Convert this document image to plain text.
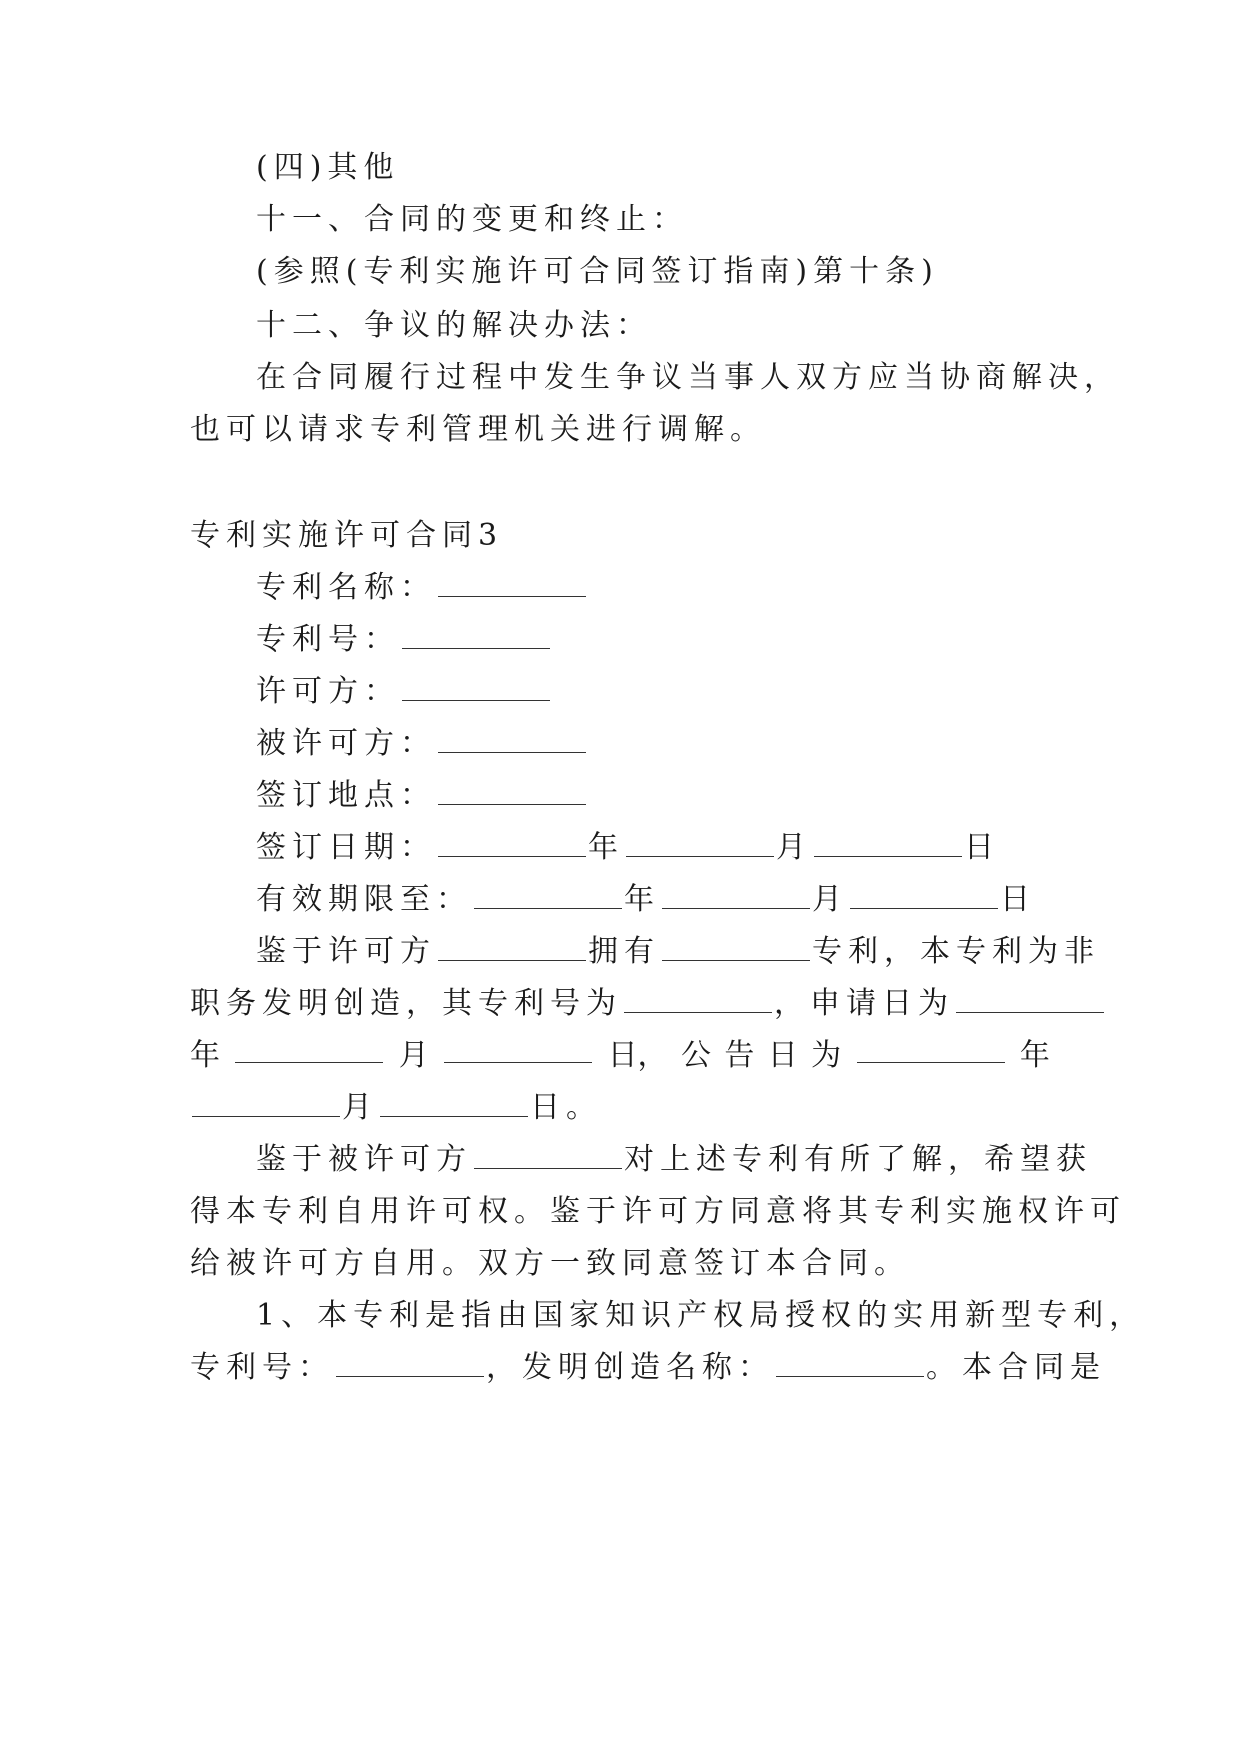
(四)其他
十一、合同的变更和终止：
(参照(专利实施许可合同签订指南)第十条)
十二、争议的解决办法：
在合同履行过程中发生争议当事人双方应当协商解决，
也可以请求专利管理机关进行调解。
专利实施许可合同3
专利名称：
专利号：
许可方：
被许可方：
签订地点：
签订日期：	年	月	日
有效期限至：	年	月	日
鉴于许可方	拥有	专利，本专利为非
职务发明创造，其专利号为	，申请日为
年	月	日， 公 告 日 为	年
月	日。
鉴于被许可方	对上述专利有所了解，希望获
得本专利自用许可权。鉴于许可方同意将其专利实施权许可
给被许可方自用。双方一致同意签订本合同。
1、本专利是指由国家知识产权局授权的实用新型专利，
专利号：	，发明创造名称：	。本合同是
